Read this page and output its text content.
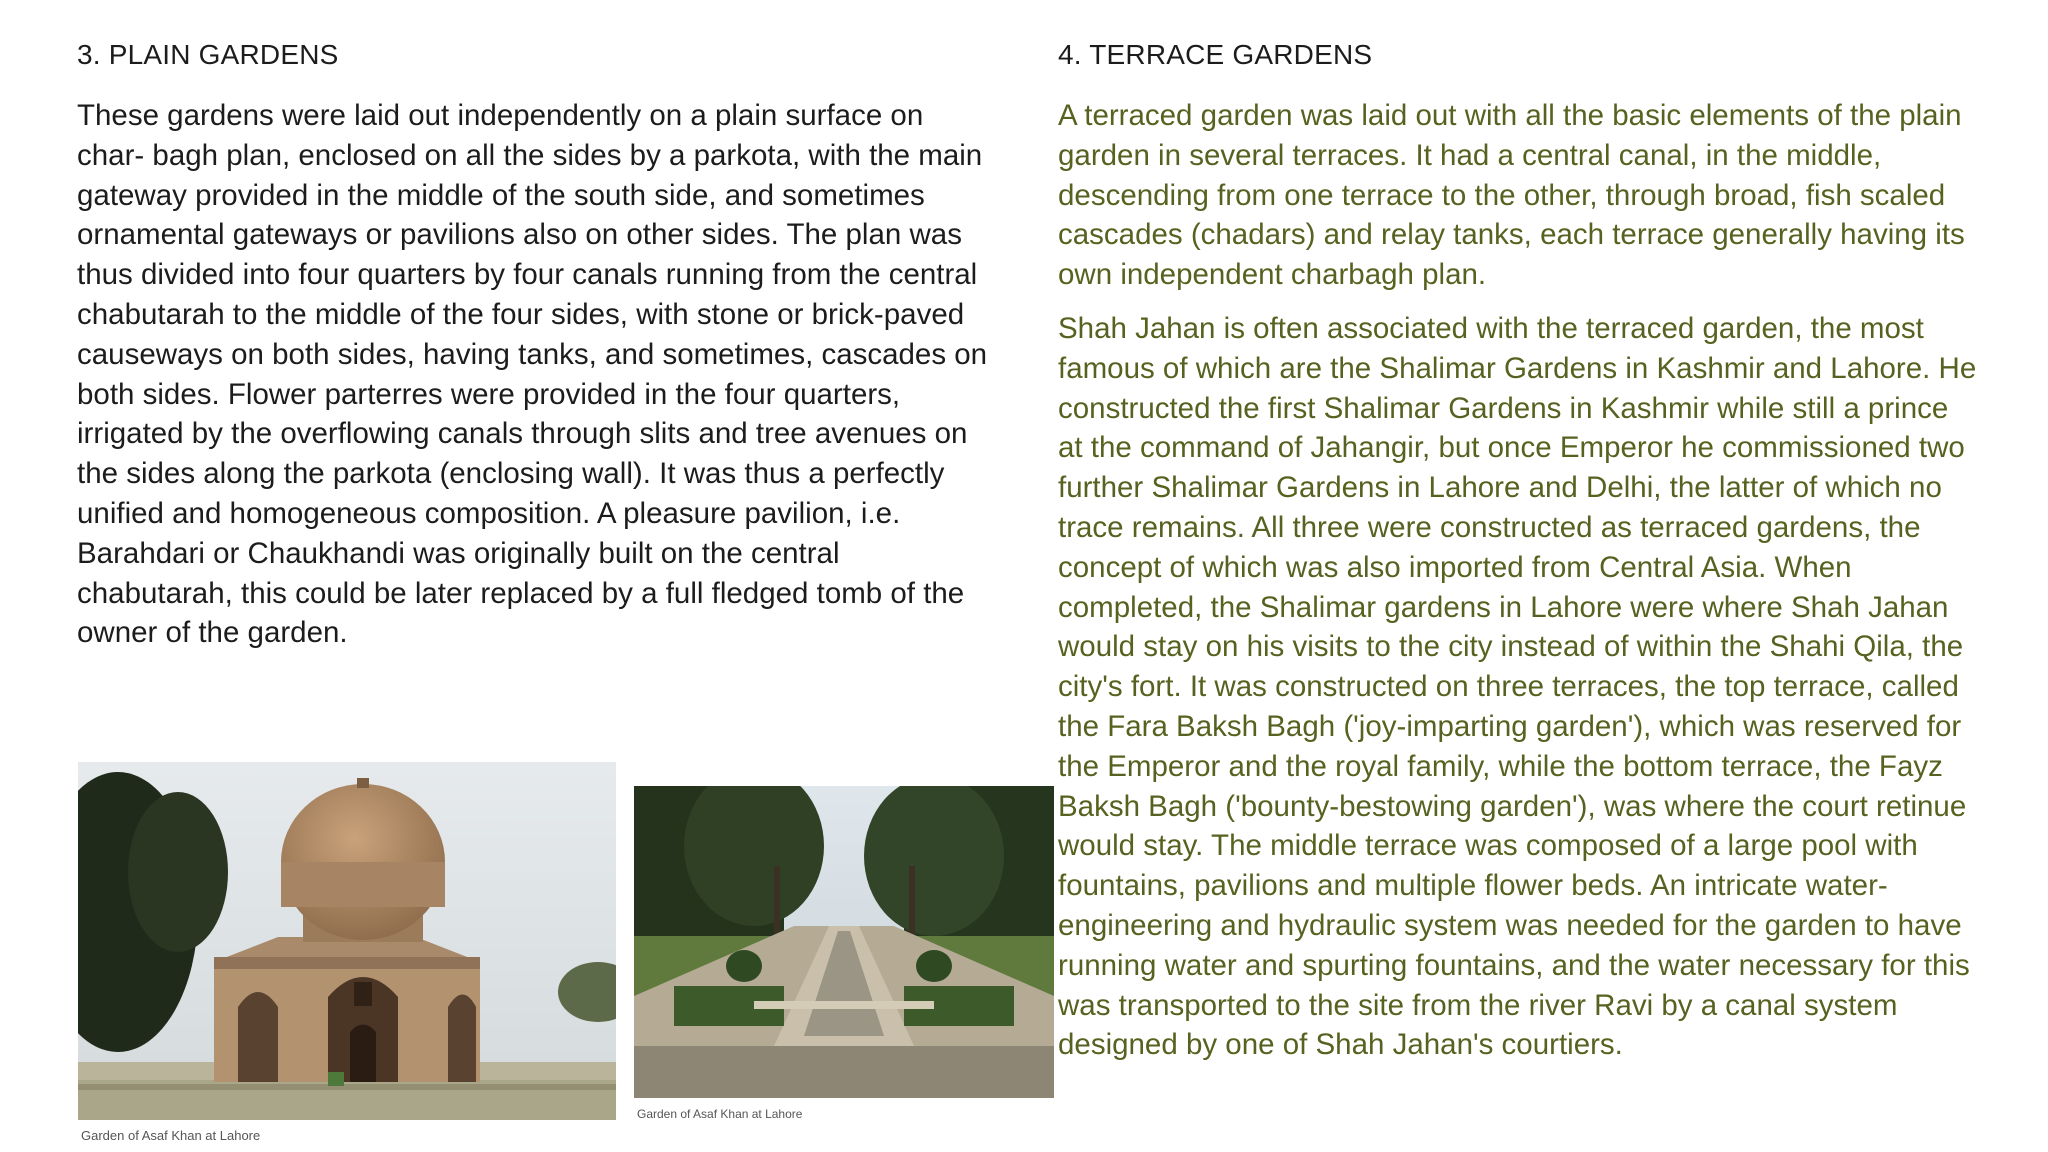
3. PLAIN GARDENS

These gardens were laid out independently on a plain surface on char- bagh plan, enclosed on all the sides by a parkota, with the main gateway provided in the middle of the south side, and sometimes ornamental gateways or pavilions also on other sides. The plan was thus divided into four quarters by four canals running from the central chabutarah to the middle of the four sides, with stone or brick-paved causeways on both sides, having tanks, and sometimes, cascades on both sides. Flower parterres were provided in the four quarters, irrigated by the overflowing canals through slits and tree avenues on the sides along the parkota (enclosing wall). It was thus a perfectly unified and homogeneous composition. A pleasure pavilion, i.e. Barahdari or Chaukhandi was originally built on the central chabutarah, this could be later replaced by a full fledged tomb of the owner of the garden.

4. TERRACE GARDENS

A terraced garden was laid out with all the basic elements of the plain garden in several terraces. It had a central canal, in the middle, descending from one terrace to the other, through broad, fish scaled cascades (chadars) and relay tanks, each terrace generally having its own independent charbagh plan.

Shah Jahan is often associated with the terraced garden, the most famous of which are the Shalimar Gardens in Kashmir and Lahore. He constructed the first Shalimar Gardens in Kashmir while still a prince at the command of Jahangir, but once Emperor he commissioned two further Shalimar Gardens in Lahore and Delhi, the latter of which no trace remains. All three were constructed as terraced gardens, the concept of which was also imported from Central Asia. When completed, the Shalimar gardens in Lahore were where Shah Jahan would stay on his visits to the city instead of within the Shahi Qila, the city's fort. It was constructed on three terraces, the top terrace, called the Fara Baksh Bagh ('joy-imparting garden'), which was reserved for the Emperor and the royal family, while the bottom terrace, the Fayz Baksh Bagh ('bounty-bestowing garden'), was where the court retinue would stay. The middle terrace was composed of a large pool with fountains, pavilions and multiple flower beds. An intricate water- engineering and hydraulic system was needed for the garden to have running water and spurting fountains, and the water necessary for this was transported to the site from the river Ravi by a canal system designed by one of Shah Jahan's courtiers.

Garden of Asaf Khan at Lahore
Garden of Asaf Khan at Lahore
